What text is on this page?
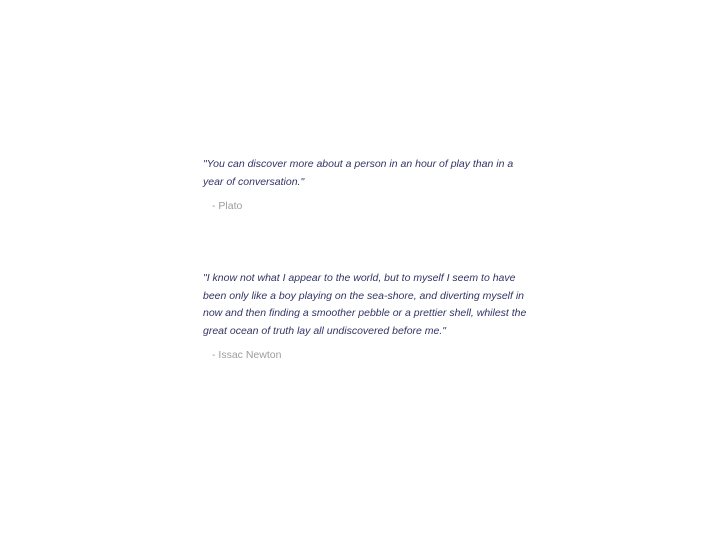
"You can discover more about a person in an hour of play than in a year of conversation."
- Plato
"I know not what I appear to the world, but to myself I seem to have been only like a boy playing on the sea-shore, and diverting myself in now and then finding a smoother pebble or a prettier shell, whilest the great ocean of truth lay all undiscovered before me."
- Issac Newton
